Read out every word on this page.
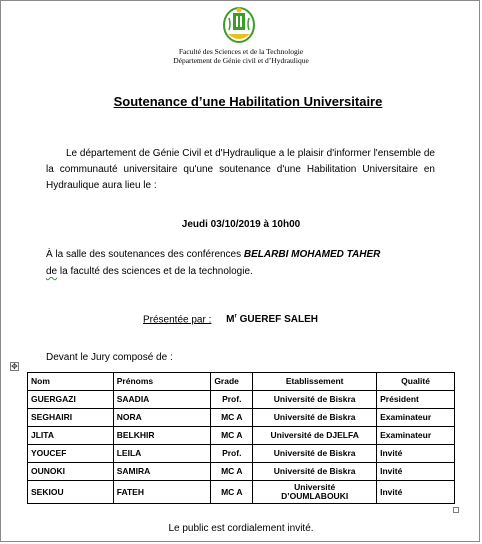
Faculté des Sciences et de la Technologie
Département de Génie civil et d’Hydraulique
Soutenance d’une Habilitation Universitaire
Le département de Génie Civil et d'Hydraulique a le plaisir d'informer l'ensemble de la communauté universitaire qu'une soutenance d'une Habilitation Universitaire en Hydraulique aura lieu le :
Jeudi 03/10/2019 à 10h00
À la salle des soutenances des conférences BELARBI MOHAMED TAHER
de la faculté des sciences et de la technologie.
Présentée par : $M^r$ GUEREF SALEH
Devant le Jury composé de :
✥
Nom	Prénoms	Grade	Etablissement	Qualité
GUERGAZI	SAADIA	Prof.	Université de Biskra	Président
SEGHAIRI	NORA	MC A	Université de Biskra	Examinateur
JLITA	BELKHIR	MC A	Université de DJELFA	Examinateur
YOUCEF	LEILA	Prof.	Université de Biskra	Invité
OUNOKI	SAMIRA	MC A	Université de Biskra	Invité
SEKIOU	FATEH	MC A	Université D’OUMLABOUKI	Invité
Le public est cordialement invité.
